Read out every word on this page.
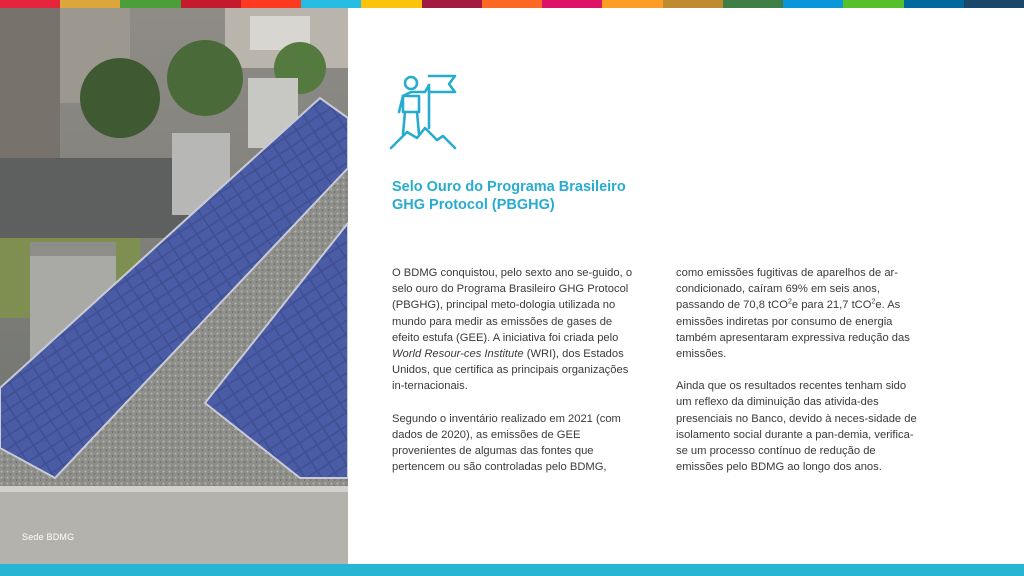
Sede BDMG
Selo Ouro do Programa Brasileiro GHG Protocol (PBGHG)

O BDMG conquistou, pelo sexto ano se-guido, o selo ouro do Programa Brasileiro GHG Protocol (PBGHG), principal meto-dologia utilizada no mundo para medir as emissões de gases de efeito estufa (GEE). A iniciativa foi criada pelo World Resour-ces Institute (WRI), dos Estados Unidos, que certifica as principais organizações in-ternacionais.

Segundo o inventário realizado em 2021 (com dados de 2020), as emissões de GEE provenientes de algumas das fontes que pertencem ou são controladas pelo BDMG,

como emissões fugitivas de aparelhos de ar-condicionado, caíram 69% em seis anos, passando de 70,8 tCO$^2$e para 21,7 tCO$^2$e. As emissões indiretas por consumo de energia também apresentaram expressiva redução das emissões.

Ainda que os resultados recentes tenham sido um reflexo da diminuição das ativida-des presenciais no Banco, devido à neces-sidade de isolamento social durante a pan-demia, verifica-se um processo contínuo de redução de emissões pelo BDMG ao longo dos anos.
